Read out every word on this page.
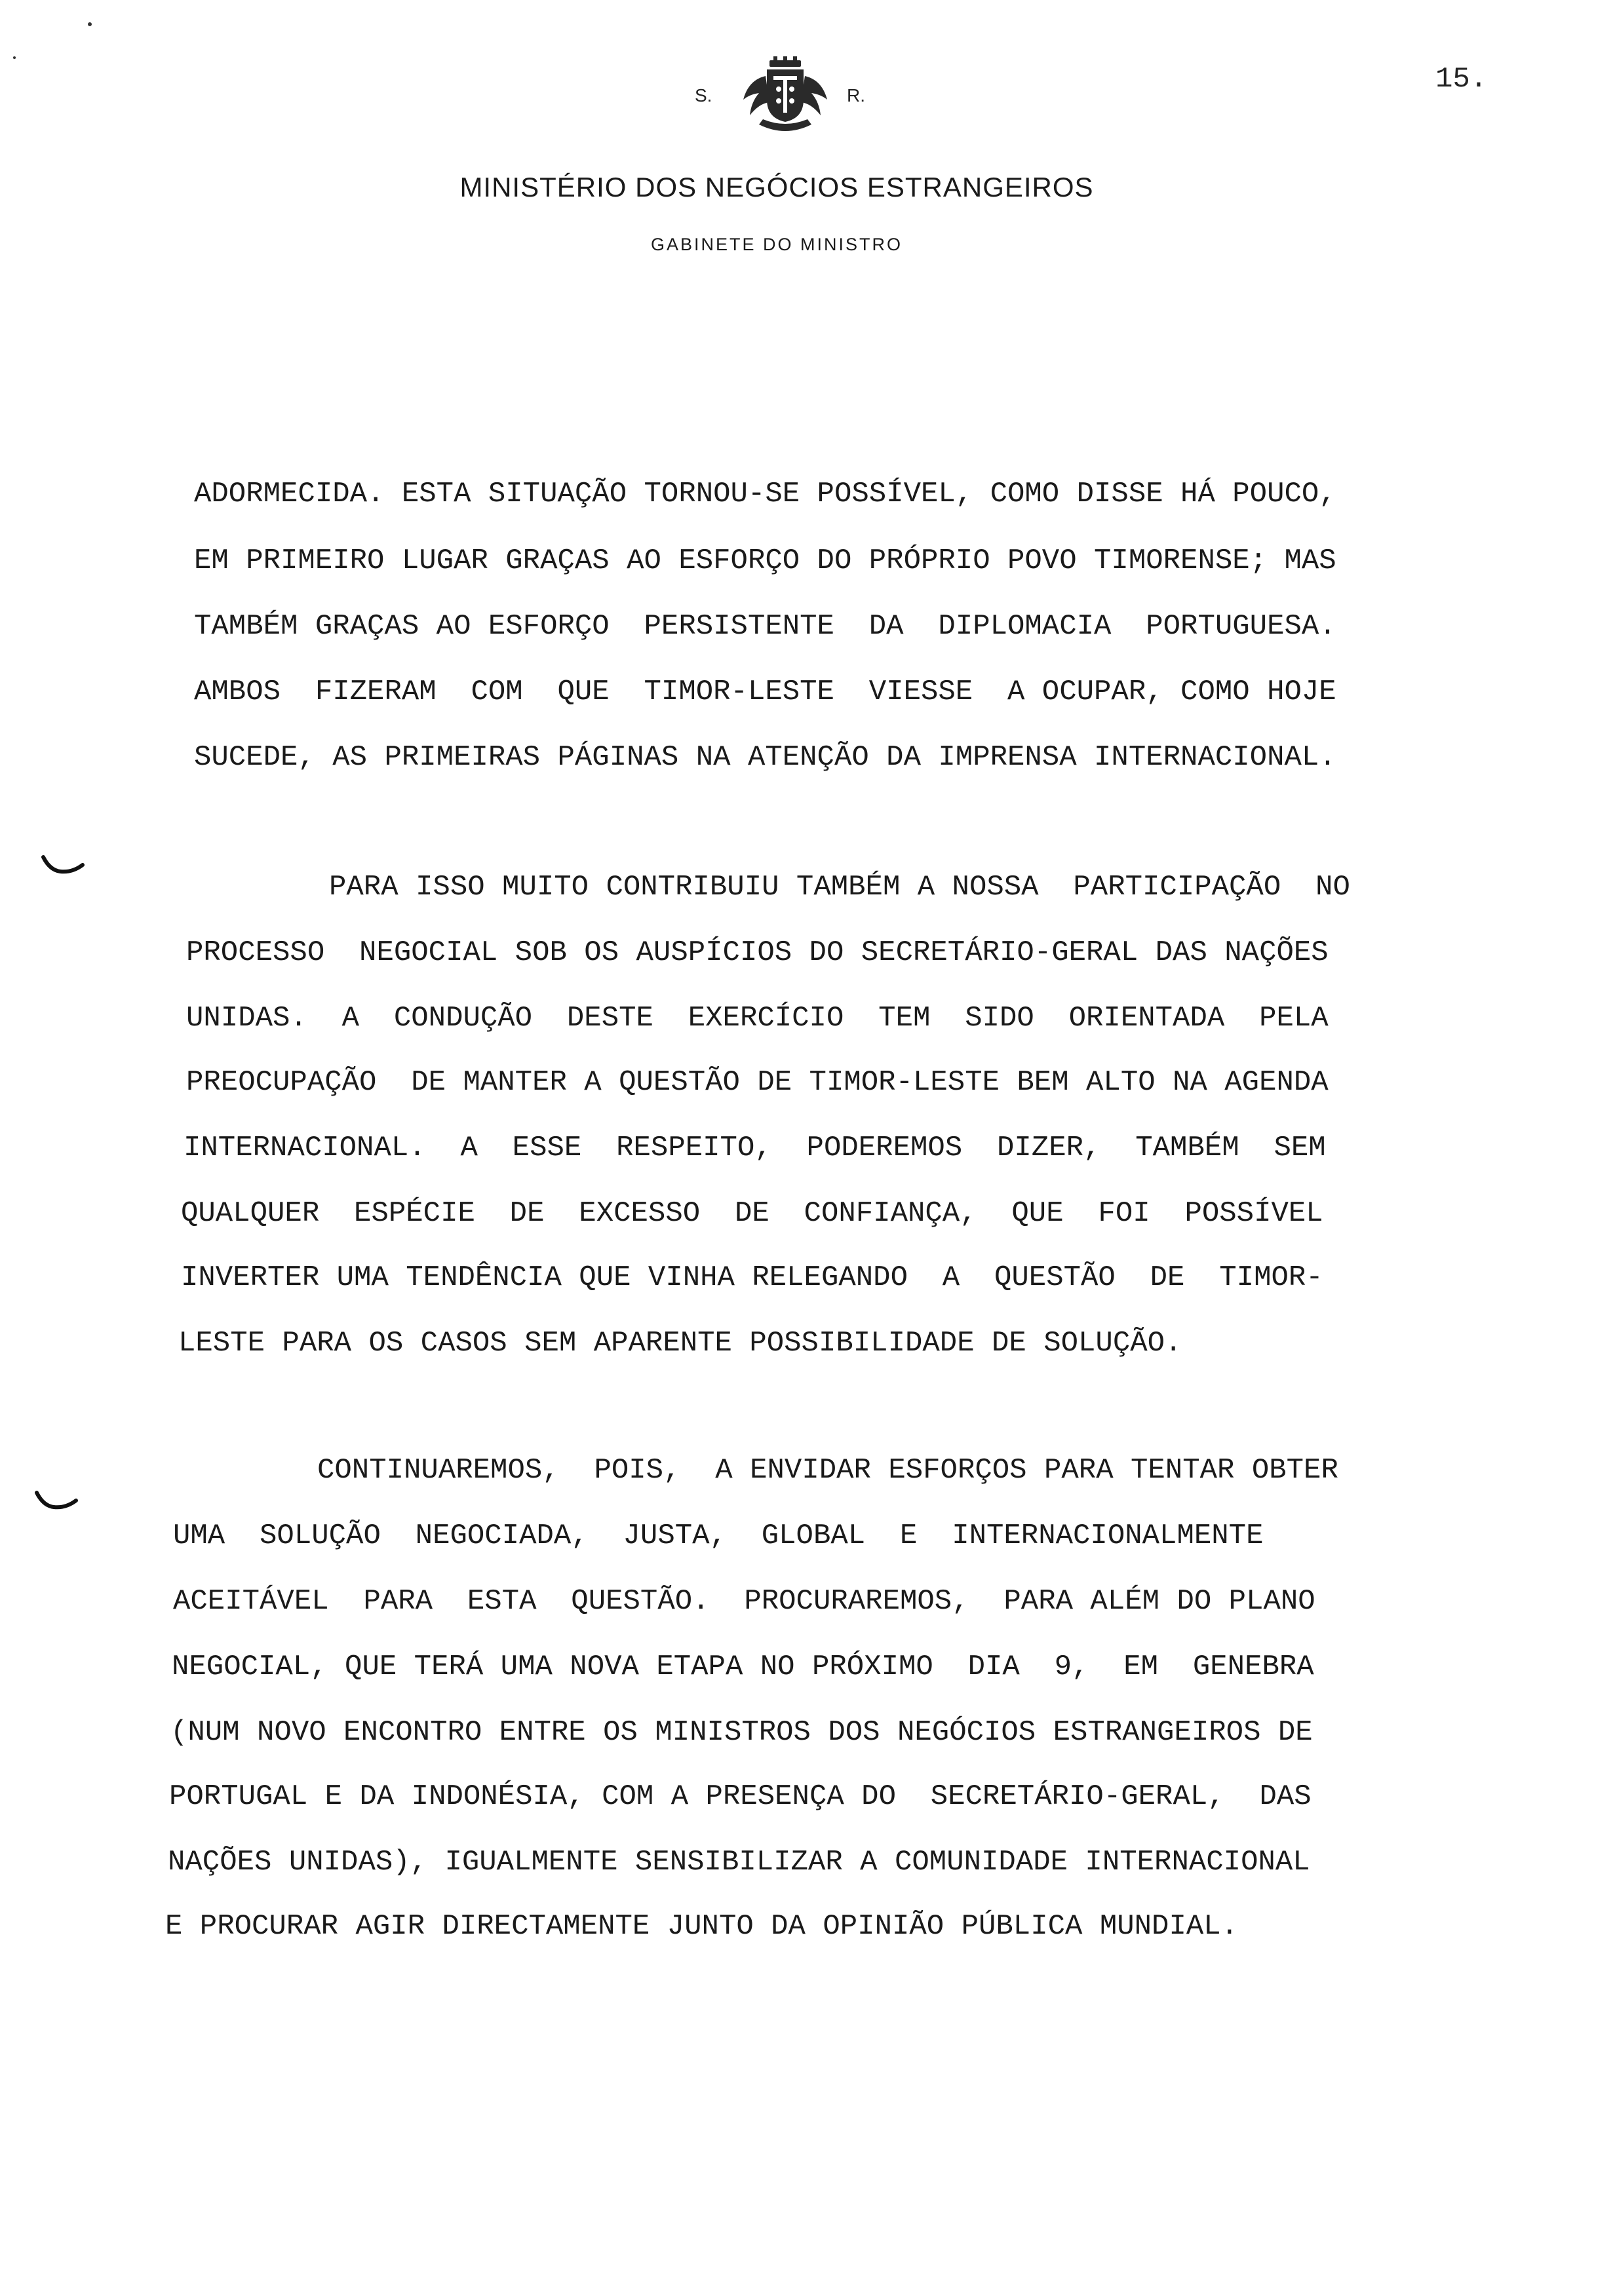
S.	R.	15.
MINISTÉRIO DOS NEGÓCIOS ESTRANGEIROS
GABINETE DO MINISTRO
ADORMECIDA. ESTA SITUAÇÃO TORNOU-SE POSSÍVEL, COMO DISSE HÁ POUCO,
EM PRIMEIRO LUGAR GRAÇAS AO ESFORÇO DO PRÓPRIO POVO TIMORENSE; MAS
TAMBÉM GRAÇAS AO ESFORÇO  PERSISTENTE  DA  DIPLOMACIA  PORTUGUESA.
AMBOS  FIZERAM  COM  QUE  TIMOR-LESTE  VIESSE  A OCUPAR, COMO HOJE
SUCEDE, AS PRIMEIRAS PÁGINAS NA ATENÇÃO DA IMPRENSA INTERNACIONAL.
PARA ISSO MUITO CONTRIBUIU TAMBÉM A NOSSA  PARTICIPAÇÃO  NO
PROCESSO  NEGOCIAL SOB OS AUSPÍCIOS DO SECRETÁRIO-GERAL DAS NAÇÕES
UNIDAS.  A  CONDUÇÃO  DESTE  EXERCÍCIO  TEM  SIDO  ORIENTADA  PELA
PREOCUPAÇÃO  DE MANTER A QUESTÃO DE TIMOR-LESTE BEM ALTO NA AGENDA
INTERNACIONAL.  A  ESSE  RESPEITO,  PODEREMOS  DIZER,  TAMBÉM  SEM
QUALQUER  ESPÉCIE  DE  EXCESSO  DE  CONFIANÇA,  QUE  FOI  POSSÍVEL
INVERTER UMA TENDÊNCIA QUE VINHA RELEGANDO  A  QUESTÃO  DE  TIMOR-
LESTE PARA OS CASOS SEM APARENTE POSSIBILIDADE DE SOLUÇÃO.
CONTINUAREMOS,  POIS,  A ENVIDAR ESFORÇOS PARA TENTAR OBTER
UMA  SOLUÇÃO  NEGOCIADA,  JUSTA,  GLOBAL  E  INTERNACIONALMENTE
ACEITÁVEL  PARA  ESTA  QUESTÃO.  PROCURAREMOS,  PARA ALÉM DO PLANO
NEGOCIAL, QUE TERÁ UMA NOVA ETAPA NO PRÓXIMO  DIA  9,  EM  GENEBRA
(NUM NOVO ENCONTRO ENTRE OS MINISTROS DOS NEGÓCIOS ESTRANGEIROS DE
PORTUGAL E DA INDONÉSIA, COM A PRESENÇA DO  SECRETÁRIO-GERAL,  DAS
NAÇÕES UNIDAS), IGUALMENTE SENSIBILIZAR A COMUNIDADE INTERNACIONAL
E PROCURAR AGIR DIRECTAMENTE JUNTO DA OPINIÃO PÚBLICA MUNDIAL.
